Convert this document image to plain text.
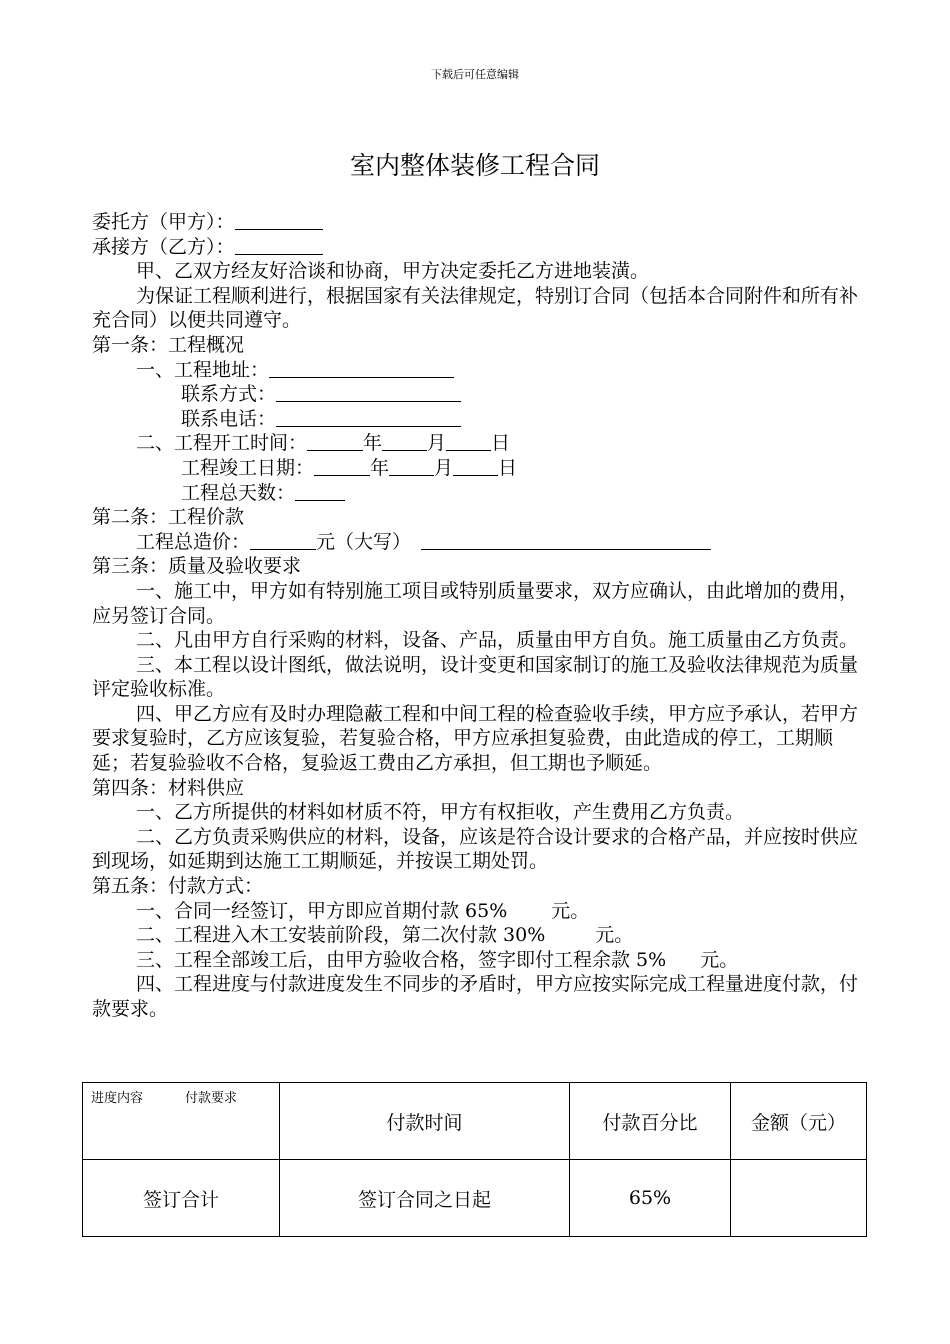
下载后可任意编辑
室内整体装修工程合同
委托方（甲方）：
承接方（乙方）：
甲、乙双方经友好洽谈和协商，甲方决定委托乙方进地装潢。
为保证工程顺利进行，根据国家有关法律规定，特别订合同（包括本合同附件和所有补充合同）以便共同遵守。
第一条：工程概况
一、工程地址：
联系方式：
联系电话：
二、工程开工时间：	年 月 日
工程竣工日期：	年 月 日
工程总天数：
第二条：工程价款
工程总造价：	元（大写）
第三条：质量及验收要求
一、施工中，甲方如有特别施工项目或特别质量要求，双方应确认，由此增加的费用，应另签订合同。
二、凡由甲方自行采购的材料，设备、产品，质量由甲方自负。施工质量由乙方负责。
三、本工程以设计图纸，做法说明，设计变更和国家制订的施工及验收法律规范为质量评定验收标准。
四、甲乙方应有及时办理隐蔽工程和中间工程的检查验收手续，甲方应予承认，若甲方要求复验时，乙方应该复验，若复验合格，甲方应承担复验费，由此造成的停工，工期顺延；若复验验收不合格，复验返工费由乙方承担，但工期也予顺延。
第四条：材料供应
一、乙方所提供的材料如材质不符，甲方有权拒收，产生费用乙方负责。
二、乙方负责采购供应的材料，设备，应该是符合设计要求的合格产品，并应按时供应到现场，如延期到达施工工期顺延，并按误工期处罚。
第五条：付款方式：
一、合同一经签订，甲方即应首期付款 65% 元。
二、工程进入木工安装前阶段，第二次付款 30%	元。
三、工程全部竣工后，由甲方验收合格，签字即付工程余款 5% 元。
四、工程进度与付款进度发生不同步的矛盾时，甲方应按实际完成工程量进度付款，付款要求。
进度内容 付款要求	付款时间	付款百分比	金额（元）
签订合计	签订合同之日起	65%	
